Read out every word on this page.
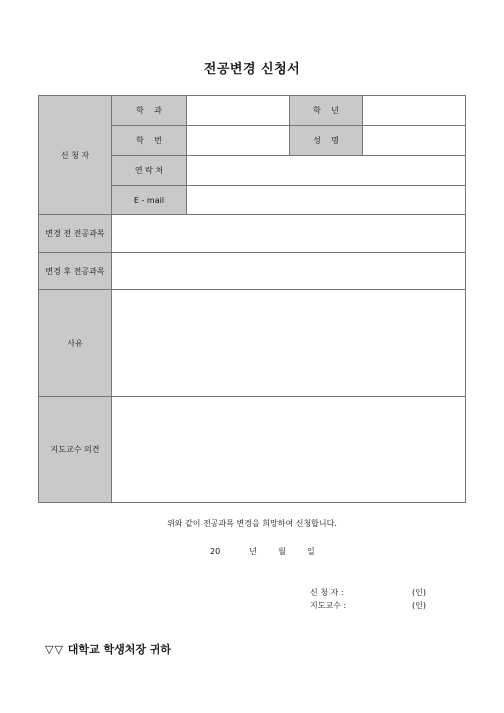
전공변경 신청서
신 청 자	학    과		학    년	
	학    번		성    명	
	연 락 처			
	E - mail			
변경 전 전공과목				
변경 후 전공과목				
사유				
지도교수 의견				
위와 같이 전공과목 변경을 희망하여 신청합니다.
20	년	월	일
신 청 자 :	(인)
지도교수 :	(인)
▽▽ 대학교 학생처장 귀하
